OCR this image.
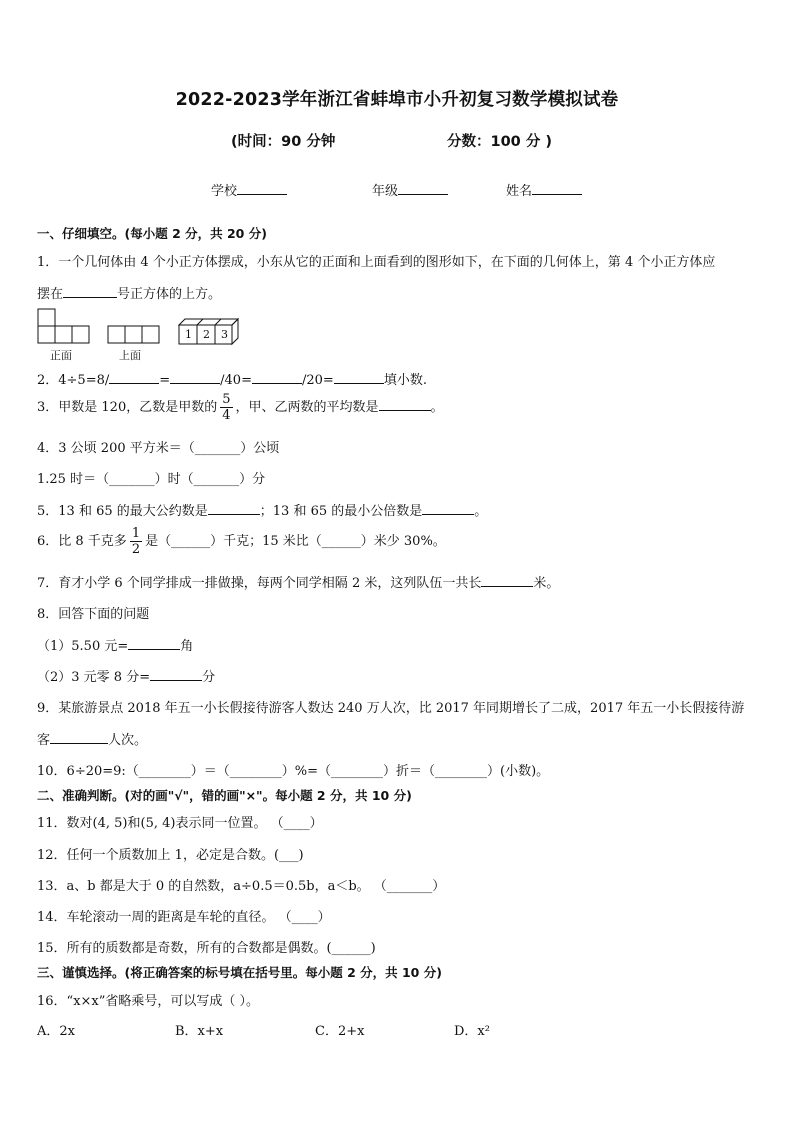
2022-2023学年浙江省蚌埠市小升初复习数学模拟试卷
(时间：90 分钟	分数：100 分 )
学校	年级	姓名
一、仔细填空。(每小题 2 分，共 20 分)
1．一个几何体由 4 个小正方体摆成，小东从它的正面和上面看到的图形如下，在下面的几何体上，第 4 个小正方体应
摆在	号正方体的上方。
正面	上面
1 2 3
2．4÷5=8/	=	/40=	/20=	填小数.
3．甲数是 120，乙数是甲数的 $\frac{5}{4}$ ，甲、乙两数的平均数是	。
4．3 公顷 200 平方米＝（_______）公顷
1.25 时＝（_______）时（_______）分
5．13 和 65 的最大公约数是	；13 和 65 的最小公倍数是	。
6．比 8 千克多 $\frac{1}{2}$ 是（______）千克；15 米比（______）米少 30%。
7．育才小学 6 个同学排成一排做操，每两个同学相隔 2 米，这列队伍一共长	米。
8．回答下面的问题
（1）5.50 元=	角
（2）3 元零 8 分=	分
9．某旅游景点 2018 年五一小长假接待游客人数达 240 万人次，比 2017 年同期增长了二成，2017 年五一小长假接待游
客	人次。
10．6÷20=9:（________）＝（________）%=（________）折＝（________）(小数)。
二、准确判断。(对的画"√"，错的画"×"。每小题 2 分，共 10 分)
11．数对(4, 5)和(5, 4)表示同一位置。 （____）
12．任何一个质数加上 1，必定是合数。(___)
13．a、b 都是大于 0 的自然数，a÷0.5＝0.5b，a＜b。 （_______）
14．车轮滚动一周的距离是车轮的直径。 （____）
15．所有的质数都是奇数，所有的合数都是偶数。(______)
三、谨慎选择。(将正确答案的标号填在括号里。每小题 2 分，共 10 分)
16．“x×x”省略乘号，可以写成（ ）。
A．2x	B．x+x	C．2+x	D．x²
